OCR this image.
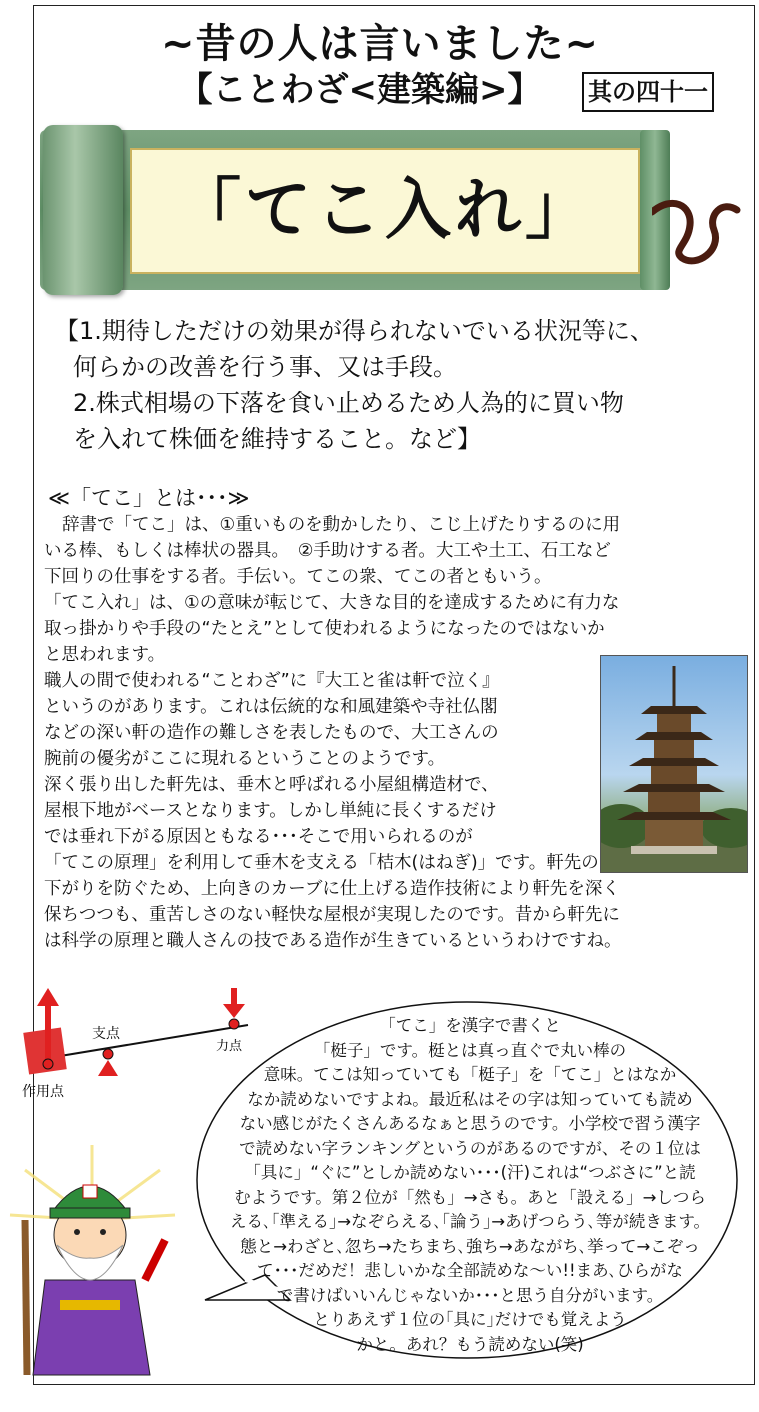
~昔の人は言いました~
【ことわざ<建築編>】	其の四十一
「てこ入れ」
【1.期待しただけの効果が得られないでいる状況等に、
何らかの改善を行う事、又は手段。
2.株式相場の下落を食い止めるため人為的に買い物
を入れて株価を維持すること。など】
≪「てこ」とは･･･≫
辞書で「てこ」は、①重いものを動かしたり、こじ上げたりするのに用
いる棒、もしくは棒状の器具。　②手助けする者。大工や土工、石工など
下回りの仕事をする者。手伝い。てこの衆、てこの者ともいう。
「てこ入れ」は、①の意味が転じて、大きな目的を達成するために有力な
取っ掛かりや手段の“たとえ”として使われるようになったのではないか
と思われます。
職人の間で使われる“ことわざ”に『大工と雀は軒で泣く』
というのがあります。これは伝統的な和風建築や寺社仏閣
などの深い軒の造作の難しさを表したもので、大工さんの
腕前の優劣がここに現れるということのようです。
深く張り出した軒先は、垂木と呼ばれる小屋組構造材で、
屋根下地がベースとなります。しかし単純に長くするだけ
では垂れ下がる原因ともなる･･･そこで用いられるのが
「てこの原理」を利用して垂木を支える「桔木(はねぎ)」です。軒先の
下がりを防ぐため、上向きのカーブに仕上げる造作技術により軒先を深く
保ちつつも、重苦しさのない軽快な屋根が実現したのです。昔から軒先に
は科学の原理と職人さんの技である造作が生きているというわけですね。
支点
力点
作用点
「てこ」を漢字で書くと
「梃子」です。梃とは真っ直ぐで丸い棒の
意味。てこは知っていても「梃子」を「てこ」とはなか
なか読めないですよね。最近私はその字は知っていても読め
ない感じがたくさんあるなぁと思うのです。小学校で習う漢字
で読めない字ランキングというのがあるのですが、その１位は
「具に」“ぐに”としか読めない･･･(汗)これは“つぶさに”と読
むようです。第２位が「然も」→さも。あと「設える」→しつら
える､｢準える｣→なぞらえる､｢論う｣→あげつらう､等が続きます。
態と→わざと､忽ち→たちまち､強ち→あながち､挙って→こぞっ
て･･･だめだ！悲しいかな全部読めな～い!!まあ､ひらがな
で書けばいいんじゃないか･･･と思う自分がいます。
とりあえず１位の｢具に｣だけでも覚えよう
かと。あれ？もう読めない(笑)
